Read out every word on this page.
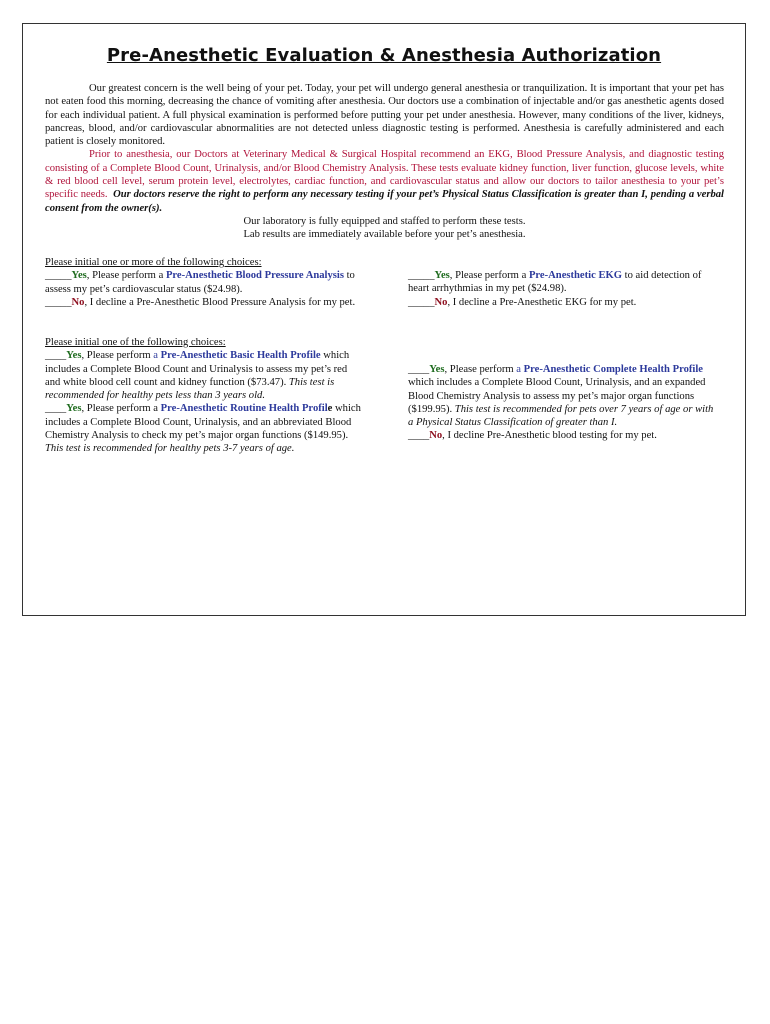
Pre-Anesthetic Evaluation & Anesthesia Authorization

Our greatest concern is the well being of your pet. Today, your pet will undergo general anesthesia or tranquilization. It is important that your pet has not eaten food this morning, decreasing the chance of vomiting after anesthesia. Our doctors use a combination of injectable and/or gas anesthetic agents dosed for each individual patient. A full physical examination is performed before putting your pet under anesthesia. However, many conditions of the liver, kidneys, pancreas, blood, and/or cardiovascular abnormalities are not detected unless diagnostic testing is performed. Anesthesia is carefully administered and each patient is closely monitored.

Prior to anesthesia, our Doctors at Veterinary Medical & Surgical Hospital recommend an EKG, Blood Pressure Analysis, and diagnostic testing consisting of a Complete Blood Count, Urinalysis, and/or Blood Chemistry Analysis. These tests evaluate kidney function, liver function, glucose levels, white & red blood cell level, serum protein level, electrolytes, cardiac function, and cardiovascular status and allow our doctors to tailor anesthesia to your pet’s specific needs. Our doctors reserve the right to perform any necessary testing if your pet’s Physical Status Classification is greater than I, pending a verbal consent from the owner(s).

Our laboratory is fully equipped and staffed to perform these tests.

Lab results are immediately available before your pet’s anesthesia.

Please initial one or more of the following choices:

_____Yes, Please perform a Pre-Anesthetic Blood Pressure Analysis to assess my pet’s cardiovascular status ($24.98).

_____No, I decline a Pre-Anesthetic Blood Pressure Analysis for my pet.

_____Yes, Please perform a Pre-Anesthetic EKG to aid detection of heart arrhythmias in my pet ($24.98).

_____No, I decline a Pre-Anesthetic EKG for my pet.

Please initial one of the following choices:

____Yes, Please perform a Pre-Anesthetic Basic Health Profile which includes a Complete Blood Count and Urinalysis to assess my pet’s red and white blood cell count and kidney function ($73.47). This test is recommended for healthy pets less than 3 years old.

____Yes, Please perform a Pre-Anesthetic Routine Health Profile which includes a Complete Blood Count, Urinalysis, and an abbreviated Blood Chemistry Analysis to check my pet’s major organ functions ($149.95). This test is recommended for healthy pets 3-7 years of age.

____Yes, Please perform a Pre-Anesthetic Complete Health Profile which includes a Complete Blood Count, Urinalysis, and an expanded Blood Chemistry Analysis to assess my pet’s major organ functions ($199.95). This test is recommended for pets over 7 years of age or with a Physical Status Classification of greater than I.

____No, I decline Pre-Anesthetic blood testing for my pet.
